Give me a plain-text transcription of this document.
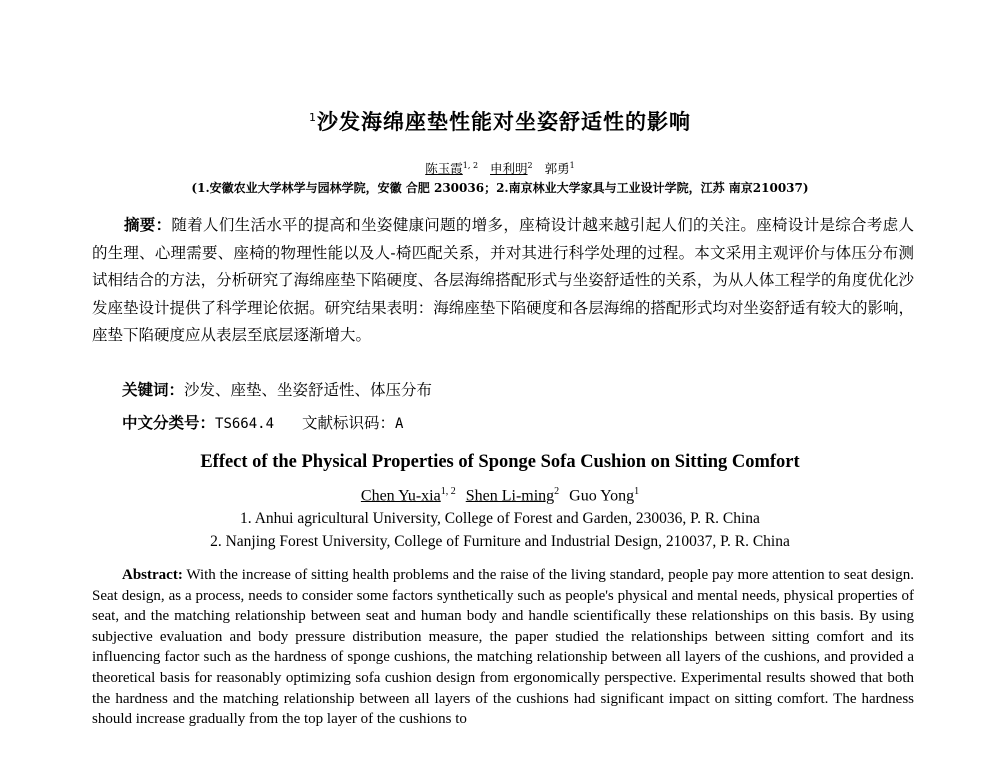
$^1$沙发海绵座垫性能对坐姿舒适性的影响
陈玉霞$^{1, 2}$ 申利明$^2$ 郭勇$^1$
(1.安徽农业大学林学与园林学院，安徽 合肥 230036；2.南京林业大学家具与工业设计学院，江苏 南京210037)

摘要：随着人们生活水平的提高和坐姿健康问题的增多，座椅设计越来越引起人们的关注。座椅设计是综合考虑人的生理、心理需要、座椅的物理性能以及人-椅匹配关系，并对其进行科学处理的过程。本文采用主观评价与体压分布测试相结合的方法，分析研究了海绵座垫下陷硬度、各层海绵搭配形式与坐姿舒适性的关系，为从人体工程学的角度优化沙发座垫设计提供了科学理论依据。研究结果表明：海绵座垫下陷硬度和各层海绵的搭配形式均对坐姿舒适有较大的影响，座垫下陷硬度应从表层至底层逐渐增大。

关键词：沙发、座垫、坐姿舒适性、体压分布
中文分类号：TS664.4 文献标识码：A
Effect of the Physical Properties of Sponge Sofa Cushion on Sitting Comfort
Chen Yu-xia$^{1, 2}$ Shen Li-ming$^2$ Guo Yong$^1$
1. Anhui agricultural University, College of Forest and Garden, 230036, P. R. China
2. Nanjing Forest University, College of Furniture and Industrial Design, 210037, P. R. China

Abstract: With the increase of sitting health problems and the raise of the living standard, people pay more attention to seat design. Seat design, as a process, needs to consider some factors synthetically such as people's physical and mental needs, physical properties of seat, and the matching relationship between seat and human body and handle scientifically these relationships on this basis. By using subjective evaluation and body pressure distribution measure, the paper studied the relationships between sitting comfort and its influencing factor such as the hardness of sponge cushions, the matching relationship between all layers of the cushions, and provided a theoretical basis for reasonably optimizing sofa cushion design from ergonomically perspective. Experimental results showed that both the hardness and the matching relationship between all layers of the cushions had significant impact on sitting comfort. The hardness should increase gradually from the top layer of the cushions to
